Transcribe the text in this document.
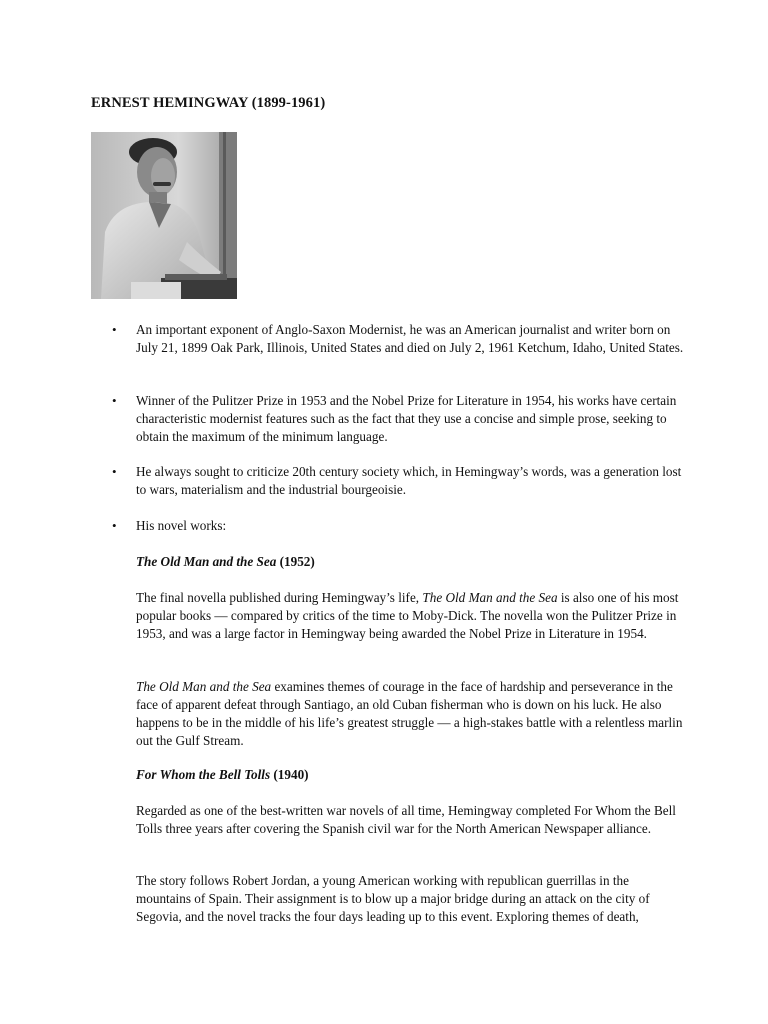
ERNEST HEMINGWAY (1899-1961)
• An important exponent of Anglo-Saxon Modernist, he was an American journalist and writer born on July 21, 1899 Oak Park, Illinois, United States and died on July 2, 1961 Ketchum, Idaho, United States.
• Winner of the Pulitzer Prize in 1953 and the Nobel Prize for Literature in 1954, his works have certain characteristic modernist features such as the fact that they use a concise and simple prose, seeking to obtain the maximum of the minimum language.
• He always sought to criticize 20th century society which, in Hemingway’s words, was a generation lost to wars, materialism and the industrial bourgeoisie.
• His novel works:
The Old Man and the Sea (1952)
The final novella published during Hemingway’s life, The Old Man and the Sea is also one of his most popular books — compared by critics of the time to Moby-Dick. The novella won the Pulitzer Prize in 1953, and was a large factor in Hemingway being awarded the Nobel Prize in Literature in 1954.
The Old Man and the Sea examines themes of courage in the face of hardship and perseverance in the face of apparent defeat through Santiago, an old Cuban fisherman who is down on his luck. He also happens to be in the middle of his life’s greatest struggle — a high-stakes battle with a relentless marlin out the Gulf Stream.
For Whom the Bell Tolls (1940)
Regarded as one of the best-written war novels of all time, Hemingway completed For Whom the Bell Tolls three years after covering the Spanish civil war for the North American Newspaper alliance.
The story follows Robert Jordan, a young American working with republican guerrillas in the mountains of Spain. Their assignment is to blow up a major bridge during an attack on the city of Segovia, and the novel tracks the four days leading up to this event. Exploring themes of death,
